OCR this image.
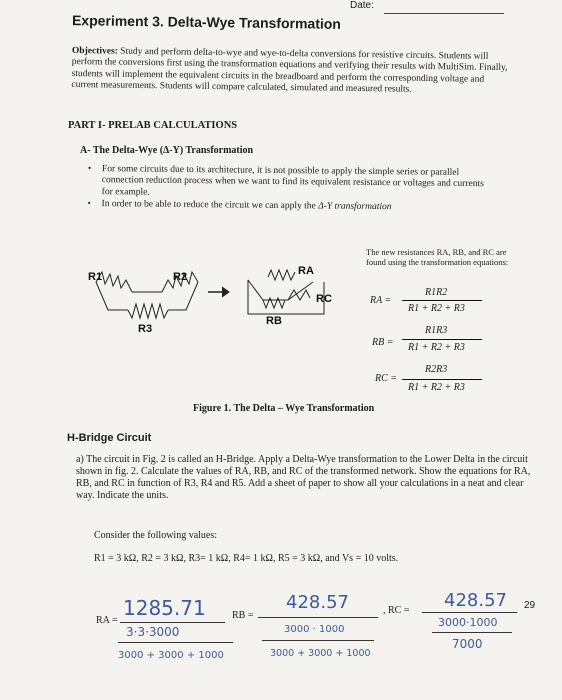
Date:
Experiment 3. Delta-Wye Transformation
Objectives: Study and perform delta-to-wye and wye-to-delta conversions for resistive circuits. Students will perform the conversions first using the transformation equations and verifying their results with MultiSim. Finally, students will implement the equivalent circuits in the breadboard and perform the corresponding voltage and current measurements. Students will compare calculated, simulated and measured results.
PART I- PRELAB CALCULATIONS
A- The Delta-Wye (Δ-Y) Transformation
• For some circuits due to its architecture, it is not possible to apply the simple series or parallel connection reduction process when we want to find its equivalent resistance or voltages and currents for example.
• In order to be able to reduce the circuit we can apply the Δ-Y transformation
R1	R2
R3
RA
RB
RC
The new resistances RA, RB, and RC are found using the transformation equations:
RA =
R1R2
R1 + R2 + R3
RB =
R1R3
R1 + R2 + R3
RC =
R2R3
R1 + R2 + R3
Figure 1. The Delta – Wye Transformation
H-Bridge Circuit
a) The circuit in Fig. 2 is called an H-Bridge. Apply a Delta-Wye transformation to the Lower Delta in the circuit shown in fig. 2. Calculate the values of RA, RB, and RC of the transformed network. Show the equations for RA, RB, and RC in function of R3, R4 and R5. Add a sheet of paper to show all your calculations in a neat and clear way. Indicate the units.
Consider the following values:
R1 = 3 kΩ, R2 = 3 kΩ, R3= 1 kΩ, R4= 1 kΩ, R5 = 3 kΩ, and Vs = 10 volts.
RA =
1285.71
3·3·3000
3000 + 3000 + 1000
RB =
428.57
3000 · 1000
3000 + 3000 + 1000
, RC = 428.57
3000·1000
7000
29
